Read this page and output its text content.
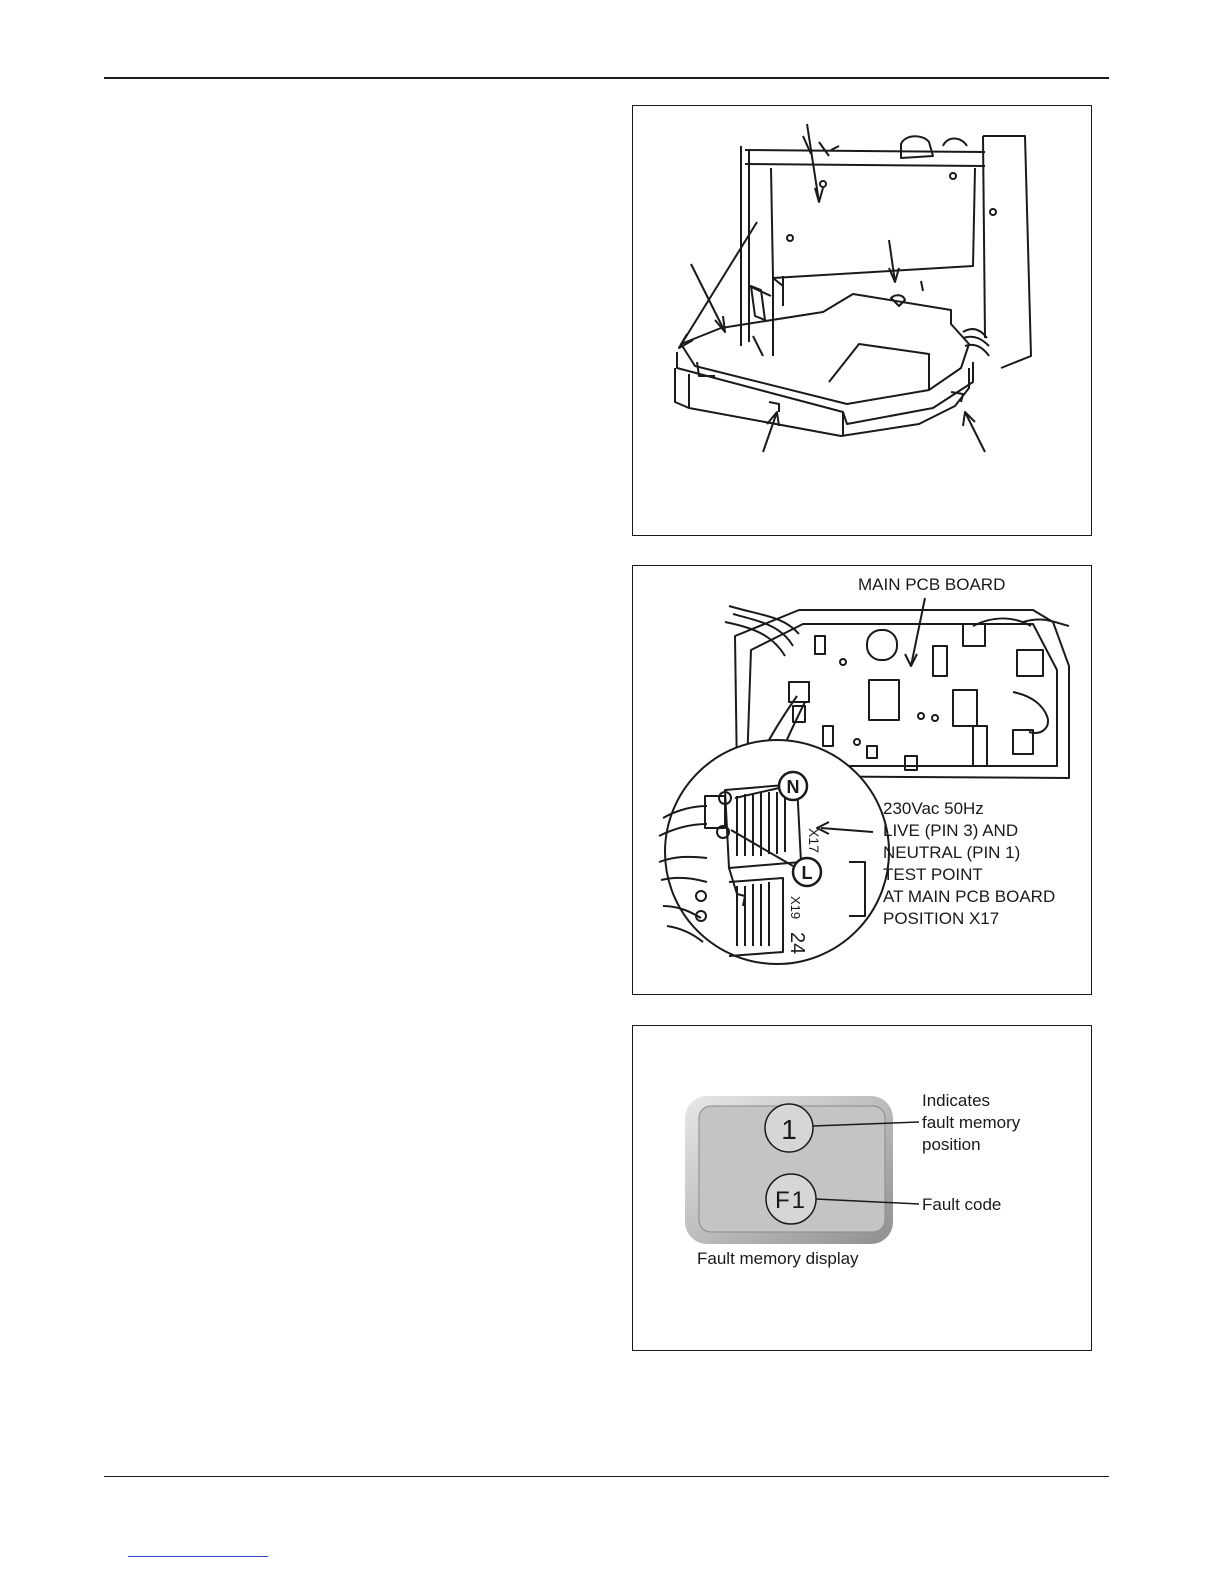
N
L
X17
X19
24
MAIN PCB BOARD
230Vac 50Hz
LIVE (PIN 3) AND
NEUTRAL (PIN 1)
TEST POINT
AT MAIN PCB BOARD
POSITION X17
1
F1
Indicates
fault memory
position
Fault code
Fault memory display
